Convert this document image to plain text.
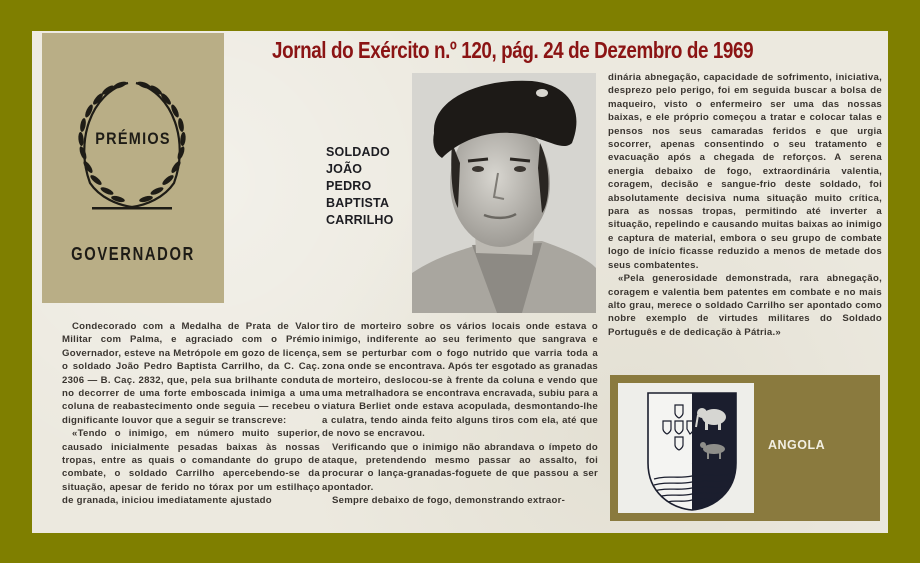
Jornal do Exército n.º 120, pág. 24 de Dezembro de 1969
PRÉMIOS
GOVERNADOR
SOLDADO
JOÃO
PEDRO
BAPTISTA
CARRILHO

Condecorado com a Medalha de Prata de Valor Militar com Palma, e agraciado com o Prémio Governador, esteve na Metrópole em gozo de licença, o soldado João Pedro Baptista Carrilho, da C. Caç. 2306 — B. Caç. 2832, que, pela sua brilhante conduta no decorrer de uma forte emboscada inimiga a uma coluna de reabastecimento onde seguia — recebeu o dignificante louvor que a seguir se transcreve:

«Tendo o inimigo, em número muito superior, causado inicialmente pesadas baixas às nossas tropas, entre as quais o comandante do grupo de combate, o soldado Carrilho apercebendo-se da situação, apesar de ferido no tórax por um estilhaço de granada, iniciou imediatamente ajustado

tiro de morteiro sobre os vários locais onde estava o inimigo, indiferente ao seu ferimento que sangrava e sem se perturbar com o fogo nutrido que varria toda a zona onde se encontrava. Após ter esgotado as granadas de morteiro, deslocou-se à frente da coluna e vendo que uma metralhadora se encontrava encravada, subiu para a viatura Berliet onde estava acopulada, desmontando-lhe a culatra, tendo ainda feito alguns tiros com ela, até que de novo se encravou.

Verificando que o inimigo não abrandava o ímpeto do ataque, pretendendo mesmo passar ao assalto, foi procurar o lança-granadas-foguete de que passou a ser apontador.

Sempre debaixo de fogo, demonstrando extraor-

dinária abnegação, capacidade de sofrimento, iniciativa, desprezo pelo perigo, foi em seguida buscar a bolsa de maqueiro, visto o enfermeiro ser uma das nossas baixas, e ele próprio começou a tratar e colocar talas e pensos nos seus camaradas feridos e que urgia socorrer, apenas consentindo o seu tratamento e evacuação após a chegada de reforços. A serena energia debaixo de fogo, extraordinária valentia, coragem, decisão e sangue-frio deste soldado, foi absolutamente decisiva numa situação muito crítica, para as nossas tropas, permitindo até inverter a situação, repelindo e causando muitas baixas ao inimigo e captura de material, embora o seu grupo de combate logo de início ficasse reduzido a menos de metade dos seus combatentes.

«Pela generosidade demonstrada, rara abnegação, coragem e valentia bem patentes em combate e no mais alto grau, merece o soldado Carrilho ser apontado como nobre exemplo de virtudes militares do Soldado Português e de dedicação à Pátria.»

ANGOLA
